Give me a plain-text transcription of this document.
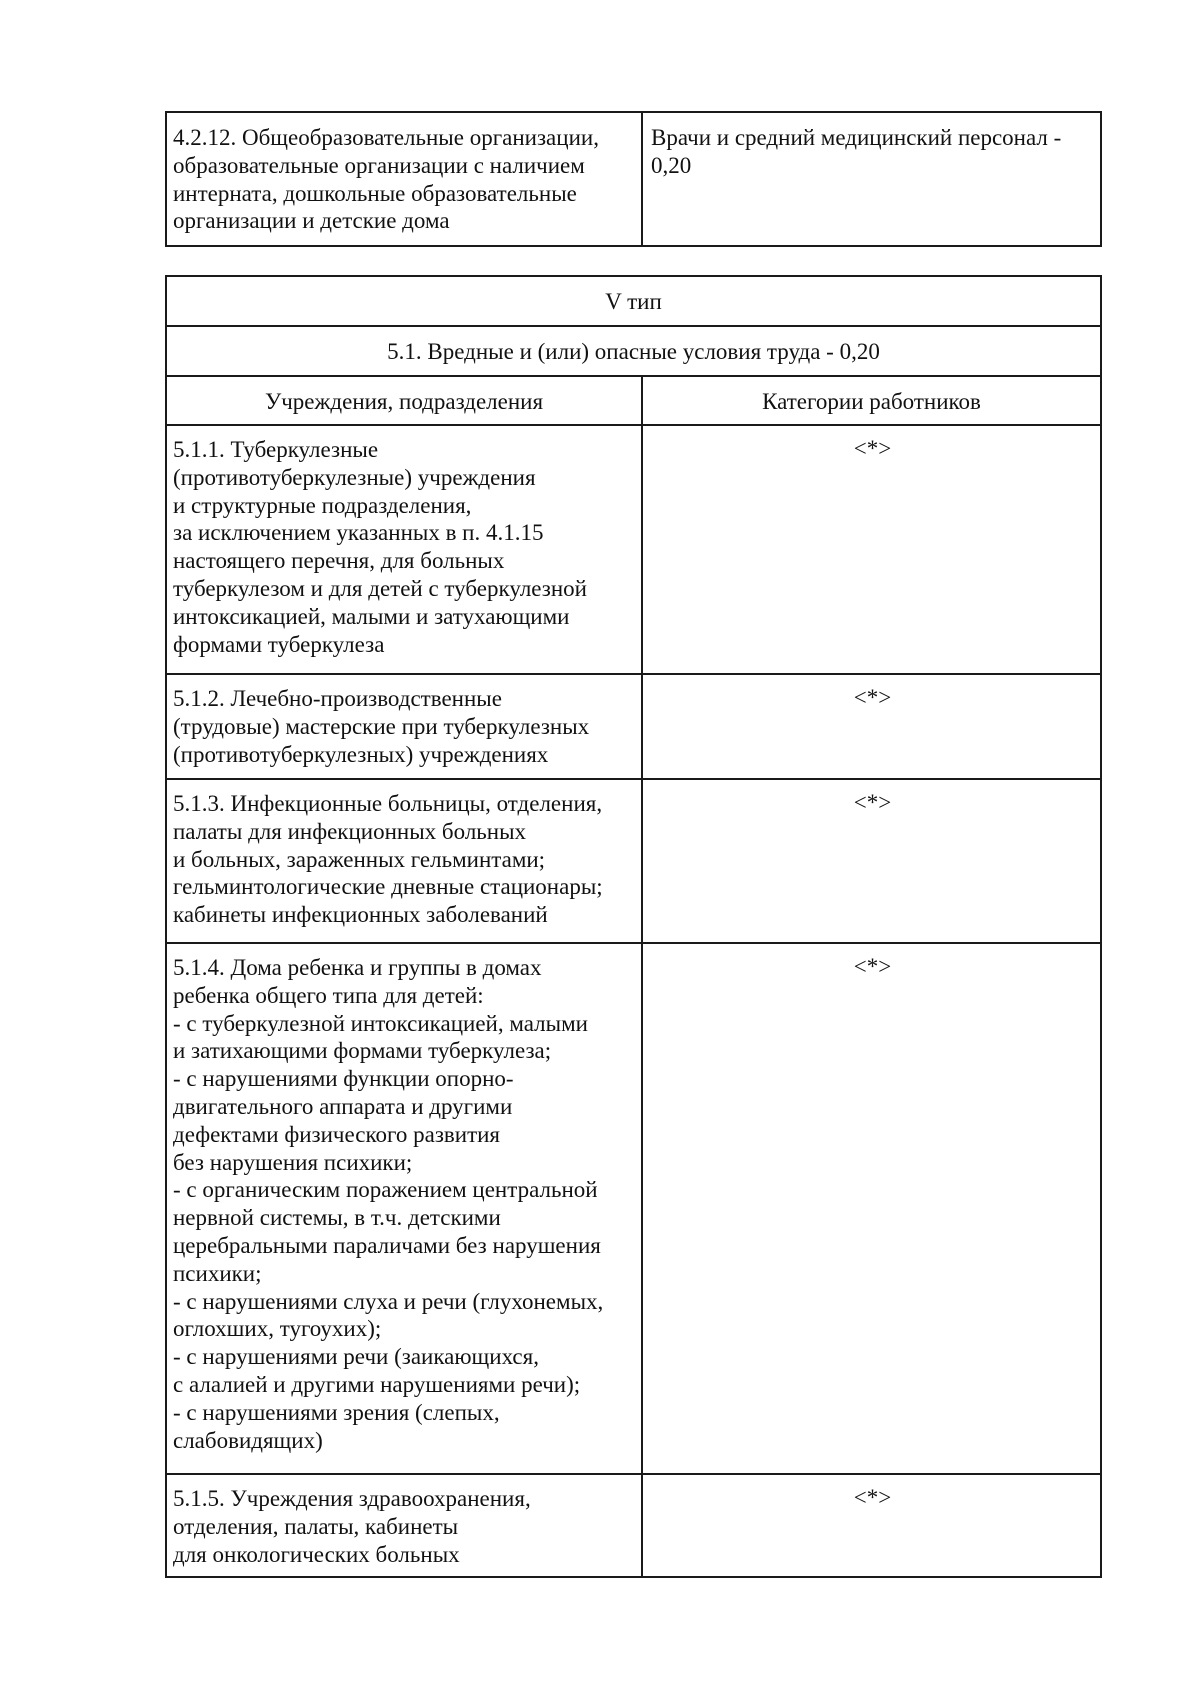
4.2.12. Общеобразовательные организации,
образовательные организации с наличием
интерната, дошкольные образовательные
организации и детские дома
Врачи и средний медицинский персонал -
0,20
V тип
5.1. Вредные и (или) опасные условия труда - 0,20
Учреждения, подразделения	Категории работников
5.1.1. Туберкулезные
(противотуберкулезные) учреждения
и структурные подразделения,
за исключением указанных в п. 4.1.15
настоящего перечня, для больных
туберкулезом и для детей с туберкулезной
интоксикацией, малыми и затухающими
формами туберкулеза
<*>
5.1.2. Лечебно-производственные
(трудовые) мастерские при туберкулезных
(противотуберкулезных) учреждениях
<*>
5.1.3. Инфекционные больницы, отделения,
палаты для инфекционных больных
и больных, зараженных гельминтами;
гельминтологические дневные стационары;
кабинеты инфекционных заболеваний
<*>
5.1.4. Дома ребенка и группы в домах
ребенка общего типа для детей:
- с туберкулезной интоксикацией, малыми
и затихающими формами туберкулеза;
- с нарушениями функции опорно-
двигательного аппарата и другими
дефектами физического развития
без нарушения психики;
- с органическим поражением центральной
нервной системы, в т.ч. детскими
церебральными параличами без нарушения
психики;
- с нарушениями слуха и речи (глухонемых,
оглохших, тугоухих);
- с нарушениями речи (заикающихся,
с алалией и другими нарушениями речи);
- с нарушениями зрения (слепых,
слабовидящих)
<*>
5.1.5. Учреждения здравоохранения,
отделения, палаты, кабинеты
для онкологических больных
<*>
